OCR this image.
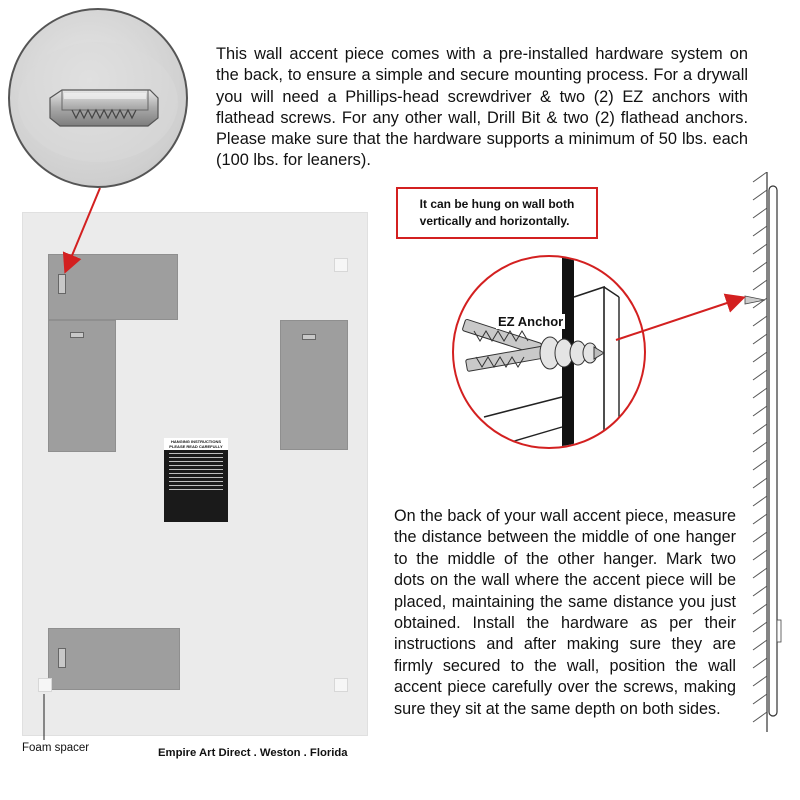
This wall accent piece comes with a pre-installed hardware system on the back, to ensure a simple and secure mounting process. For a drywall you will need a Phillips-head screwdriver & two (2) EZ anchors with flathead screws. For any other wall, Drill Bit & two (2) flathead anchors. Please make sure that the hardware supports a minimum of 50 lbs. each (100 lbs. for leaners).
It can be hung on wall both
vertically and horizontally.
HANGING INSTRUCTIONS
PLEASE READ CAREFULLY
Foam spacer	Empire Art Direct . Weston . Florida
EZ Anchor
On the back of your wall accent piece, measure the distance between the middle of one hanger to the middle of the other hanger. Mark two dots on the wall where the accent piece will be placed, maintaining the same distance you just obtained. Install the hardware as per their instructions and after making sure they are firmly secured to the wall, position the wall accent piece carefully over the screws, making sure they sit at the same depth on both sides.
